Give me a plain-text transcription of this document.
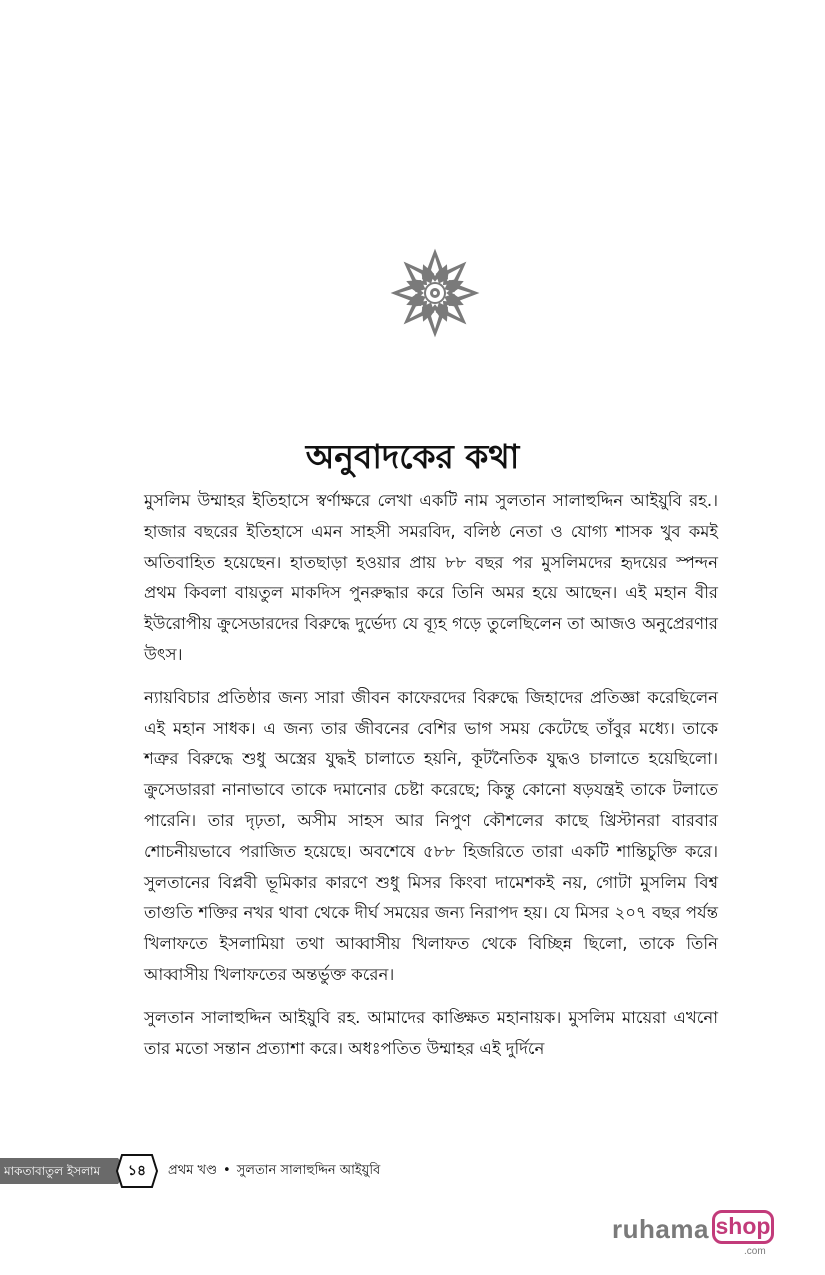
অনুবাদকের কথা

মুসলিম উম্মাহর ইতিহাসে স্বর্ণাক্ষরে লেখা একটি নাম সুলতান সালাহুদ্দিন আইয়ুবি রহ.। হাজার বছরের ইতিহাসে এমন সাহসী সমরবিদ, বলিষ্ঠ নেতা ও যোগ্য শাসক খুব কমই অতিবাহিত হয়েছেন। হাতছাড়া হওয়ার প্রায় ৮৮ বছর পর মুসলিমদের হৃদয়ের স্পন্দন প্রথম কিবলা বায়তুল মাকদিস পুনরুদ্ধার করে তিনি অমর হয়ে আছেন। এই মহান বীর ইউরোপীয় ক্রুসেডারদের বিরুদ্ধে দুর্ভেদ্য যে ব্যূহ গড়ে তুলেছিলেন তা আজও অনুপ্রেরণার উৎস।

ন্যায়বিচার প্রতিষ্ঠার জন্য সারা জীবন কাফেরদের বিরুদ্ধে জিহাদের প্রতিজ্ঞা করেছিলেন এই মহান সাধক। এ জন্য তার জীবনের বেশির ভাগ সময় কেটেছে তাঁবুর মধ্যে। তাকে শত্রুর বিরুদ্ধে শুধু অস্ত্রের যুদ্ধই চালাতে হয়নি, কূটনৈতিক যুদ্ধও চালাতে হয়েছিলো। ক্রুসেডাররা নানাভাবে তাকে দমানোর চেষ্টা করেছে; কিন্তু কোনো ষড়যন্ত্রই তাকে টলাতে পারেনি। তার দৃঢ়তা, অসীম সাহস আর নিপুণ কৌশলের কাছে খ্রিস্টানরা বারবার শোচনীয়ভাবে পরাজিত হয়েছে। অবশেষে ৫৮৮ হিজরিতে তারা একটি শান্তিচুক্তি করে। সুলতানের বিপ্লবী ভূমিকার কারণে শুধু মিসর কিংবা দামেশকই নয়, গোটা মুসলিম বিশ্ব তাগুতি শক্তির নখর থাবা থেকে দীর্ঘ সময়ের জন্য নিরাপদ হয়। যে মিসর ২০৭ বছর পর্যন্ত খিলাফতে ইসলামিয়া তথা আব্বাসীয় খিলাফত থেকে বিচ্ছিন্ন ছিলো, তাকে তিনি আব্বাসীয় খিলাফতের অন্তর্ভুক্ত করেন।

সুলতান সালাহুদ্দিন আইয়ুবি রহ. আমাদের কাঙ্ক্ষিত মহানায়ক। মুসলিম মায়েরা এখনো তার মতো সন্তান প্রত্যাশা করে। অধঃপতিত উম্মাহর এই দুর্দিনে

মাকতাবাতুল ইসলাম	১৪	প্রথম খণ্ড • সুলতান সালাহুদ্দিন আইয়ুবি
ruhama shop
.com
